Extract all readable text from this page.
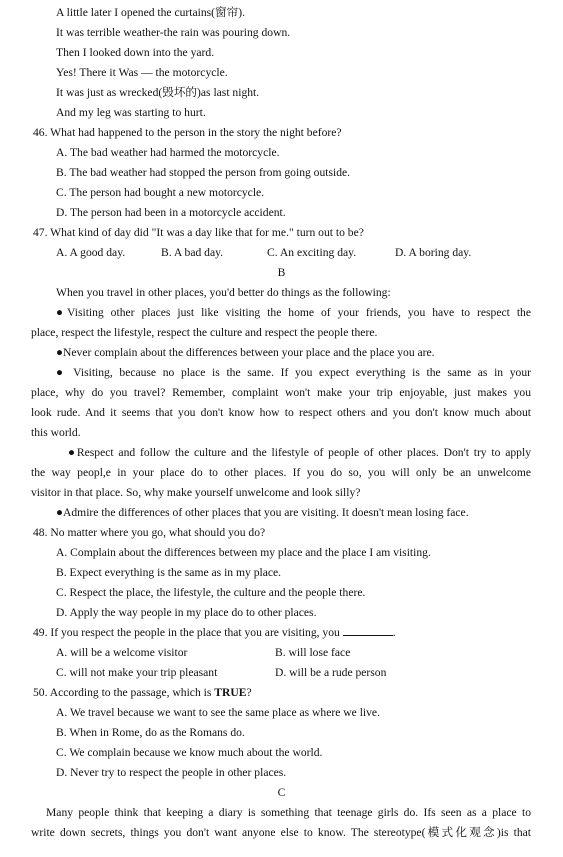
A little later I opened the curtains(窗帘).
It was terrible weather-the rain was pouring down.
Then I looked down into the yard.
Yes! There it Was — the motorcycle.
It was just as wrecked(毁坏的)as last night.
And my leg was starting to hurt.
46. What had happened to the person in the story the night before?
A. The bad weather had harmed the motorcycle.
B. The bad weather had stopped the person from going outside.
C. The person had bought a new motorcycle.
D. The person had been in a motorcycle accident.
47. What kind of day did "It was a day like that for me." turn out to be?
A. A good day.	B. A bad day.	C. An exciting day.	D. A boring day.
B
When you travel in other places, you'd better do things as the following:
●Visiting other places just like visiting the home of your friends, you have to respect the
place, respect the lifestyle, respect the culture and respect the people there.
●Never complain about the differences between your place and the place you are.
● Visiting, because no place is the same. If you expect everything is the same as in your
place, why do you travel? Remember, complaint won't make your trip enjoyable, just makes you
look rude. And it seems that you don't know how to respect others and you don't know much about
this world.
●Respect and follow the culture and the lifestyle of people of other places. Don't try to apply
the way peopl,e in your place do to other places. If you do so, you will only be an unwelcome
visitor in that place. So, why make yourself unwelcome and look silly?
●Admire the differences of other places that you are visiting. It doesn't mean losing face.
48. No matter where you go, what should you do?
A. Complain about the differences between my place and the place I am visiting.
B. Expect everything is the same as in my place.
C. Respect the place, the lifestyle, the culture and the people there.
D. Apply the way people in my place do to other places.
49. If you respect the people in the place that you are visiting, you	.
A. will be a welcome visitor	B. will lose face
C. will not make your trip pleasant	D. will be a rude person
50. According to the passage, which is TRUE?
A. We travel because we want to see the same place as where we live.
B. When in Rome, do as the Romans do.
C. We complain because we know much about the world.
D. Never try to respect the people in other places.
C
Many people think that keeping a diary is something that teenage girls do. Ifs seen as a place to
write down secrets, things you don't want anyone else to know. The stereotype(模式化观念)is that
